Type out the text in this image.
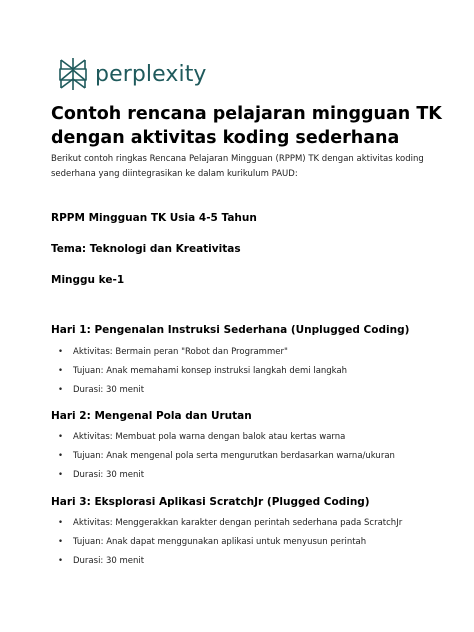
perplexity
Contoh rencana pelajaran mingguan TK dengan aktivitas koding sederhana
Berikut contoh ringkas Rencana Pelajaran Mingguan (RPPM) TK dengan aktivitas koding sederhana yang diintegrasikan ke dalam kurikulum PAUD:
RPPM Mingguan TK Usia 4-5 Tahun
Tema: Teknologi dan Kreativitas
Minggu ke-1
Hari 1: Pengenalan Instruksi Sederhana (Unplugged Coding)
• Aktivitas: Bermain peran "Robot dan Programmer"
• Tujuan: Anak memahami konsep instruksi langkah demi langkah
• Durasi: 30 menit
Hari 2: Mengenal Pola dan Urutan
• Aktivitas: Membuat pola warna dengan balok atau kertas warna
• Tujuan: Anak mengenal pola serta mengurutkan berdasarkan warna/ukuran
• Durasi: 30 menit
Hari 3: Eksplorasi Aplikasi ScratchJr (Plugged Coding)
• Aktivitas: Menggerakkan karakter dengan perintah sederhana pada ScratchJr
• Tujuan: Anak dapat menggunakan aplikasi untuk menyusun perintah
• Durasi: 30 menit
